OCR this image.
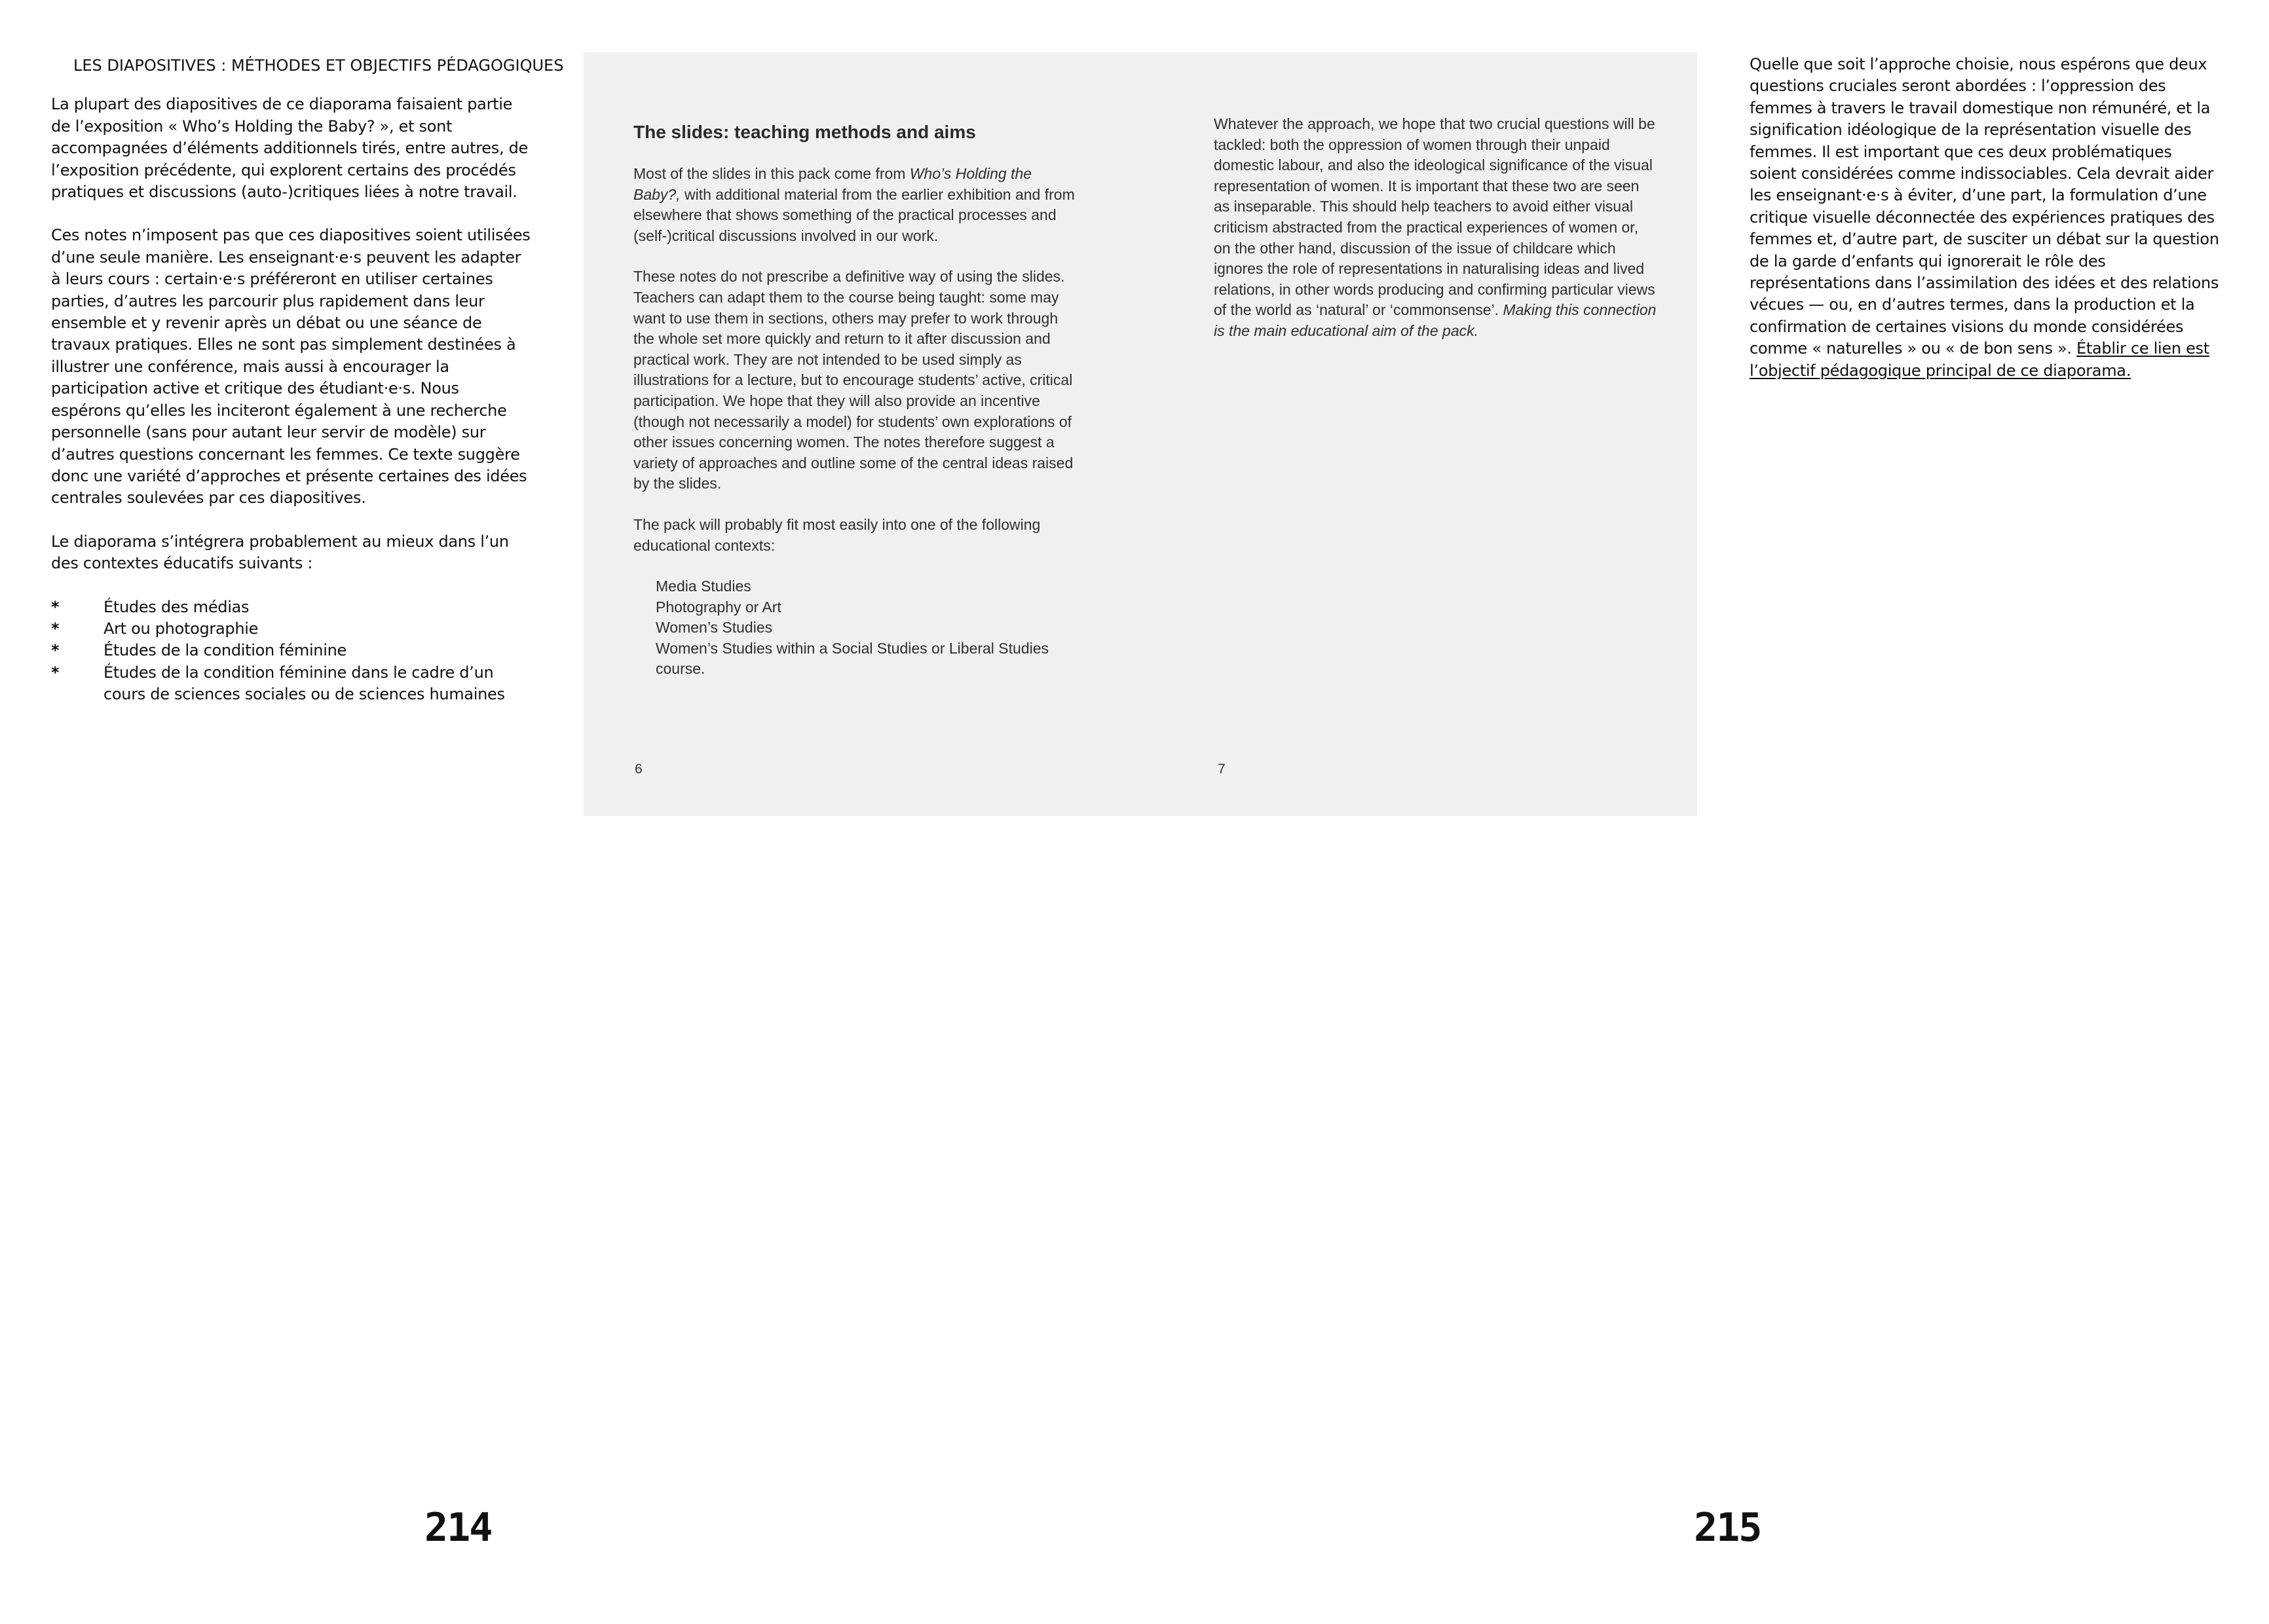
LES DIAPOSITIVES : MÉTHODES ET OBJECTIFS PÉDAGOGIQUES

La plupart des diapositives de ce diaporama faisaient partie de l’exposition « Who’s Holding the Baby? », et sont accompagnées d’éléments additionnels tirés, entre autres, de l’exposition précédente, qui explorent certains des procédés pratiques et discussions (auto-)critiques liées à notre travail.

Ces notes n’imposent pas que ces diapositives soient utilisées d’une seule manière. Les enseignant·e·s peuvent les adapter à leurs cours : certain·e·s préféreront en utiliser certaines parties, d’autres les parcourir plus rapidement dans leur ensemble et y revenir après un débat ou une séance de travaux pratiques. Elles ne sont pas simplement destinées à illustrer une conférence, mais aussi à encourager la participation active et critique des étudiant·e·s. Nous espérons qu’elles les inciteront également à une recherche personnelle (sans pour autant leur servir de modèle) sur d’autres questions concernant les femmes. Ce texte suggère donc une variété d’approches et présente certaines des idées centrales soulevées par ces diapositives.

Le diaporama s’intégrera probablement au mieux dans l’un des contextes éducatifs suivants :

*	Études des médias
*	Art ou photographie
*	Études de la condition féminine
*	Études de la condition féminine dans le cadre d’un cours de sciences sociales ou de sciences humaines
The slides: teaching methods and aims

Most of the slides in this pack come from Who’s Holding the Baby?, with additional material from the earlier exhibition and from elsewhere that shows something of the practical processes and (self-)critical discussions involved in our work.

These notes do not prescribe a definitive way of using the slides. Teachers can adapt them to the course being taught: some may want to use them in sections, others may prefer to work through the whole set more quickly and return to it after discussion and practical work. They are not intended to be used simply as illustrations for a lecture, but to encourage students’ active, critical participation. We hope that they will also provide an incentive (though not necessarily a model) for students’ own explorations of other issues concerning women. The notes therefore suggest a variety of approaches and outline some of the central ideas raised by the slides.

The pack will probably fit most easily into one of the following educational contexts:

Media Studies
Photography or Art
Women’s Studies
Women’s Studies within a Social Studies or Liberal Studies course.
6

Whatever the approach, we hope that two crucial questions will be tackled: both the oppression of women through their unpaid domestic labour, and also the ideological significance of the visual representation of women. It is important that these two are seen as inseparable. This should help teachers to avoid either visual criticism abstracted from the practical experiences of women or, on the other hand, discussion of the issue of childcare which ignores the role of representations in naturalising ideas and lived relations, in other words producing and confirming particular views of the world as ‘natural’ or ‘commonsense’. Making this connection is the main educational aim of the pack.

7

Quelle que soit l’approche choisie, nous espérons que deux questions cruciales seront abordées : l’oppression des femmes à travers le travail domestique non rémunéré, et la signification idéologique de la représentation visuelle des femmes. Il est important que ces deux problématiques soient considérées comme indissociables. Cela devrait aider les enseignant·e·s à éviter, d’une part, la formulation d’une critique visuelle déconnectée des expériences pratiques des femmes et, d’autre part, de susciter un débat sur la question de la garde d’enfants qui ignorerait le rôle des représentations dans l’assimilation des idées et des relations vécues — ou, en d’autres termes, dans la production et la confirmation de certaines visions du monde considérées comme « naturelles » ou « de bon sens ». Établir ce lien est l’objectif pédagogique principal de ce diaporama.

214	215
